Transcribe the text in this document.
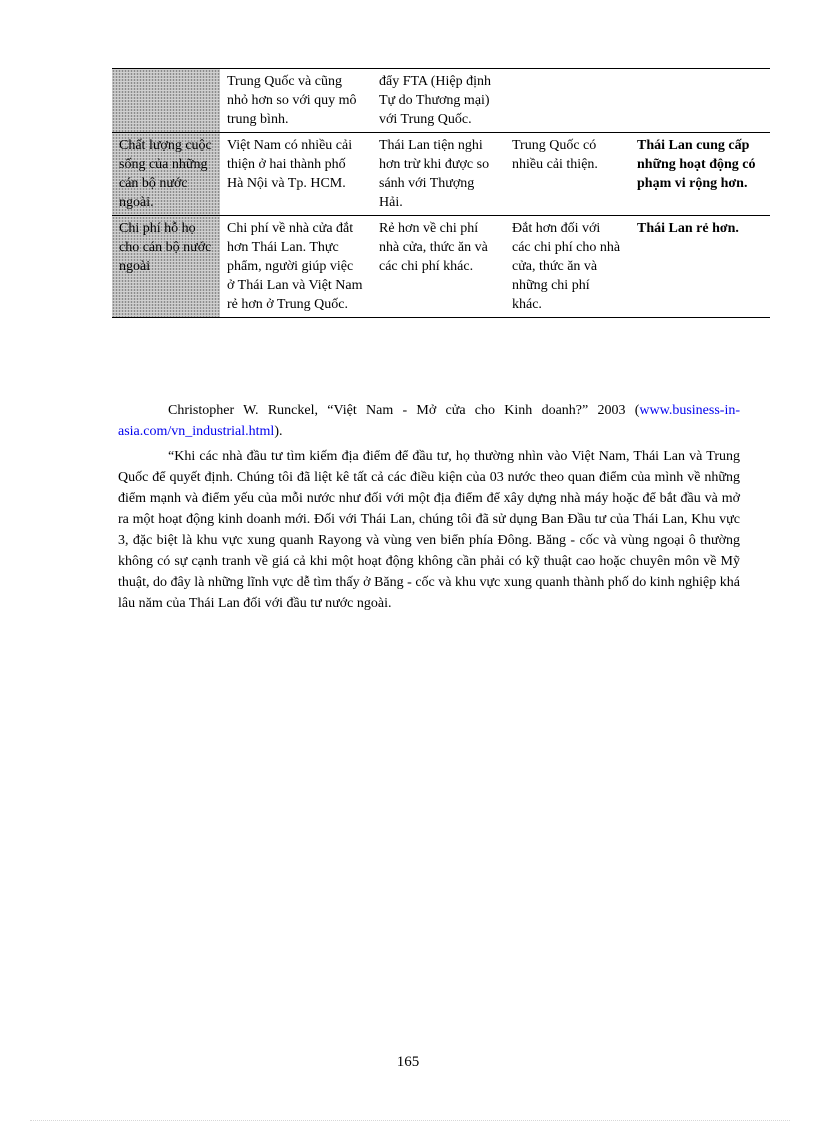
	Trung Quốc và cũng nhỏ hơn so với quy mô trung bình.	đẩy FTA (Hiệp định Tự do Thương mại) với Trung Quốc.		
Chất lượng cuộc sống của những cán bộ nước ngoài.	Việt Nam có nhiều cải thiện ở hai thành phố Hà Nội và Tp. HCM.	Thái Lan tiện nghi hơn trừ khi được so sánh với Thượng Hải.	Trung Quốc có nhiều cải thiện.	Thái Lan cung cấp những hoạt động có phạm vi rộng hơn.
Chi phí hỗ họ cho cán bộ nước ngoài	Chi phí về nhà cửa đắt hơn Thái Lan. Thực phẩm, người giúp việc ở Thái Lan và Việt Nam rẻ hơn ở Trung Quốc.	Rẻ hơn về chi phí nhà cửa, thức ăn và các chi phí khác.	Đắt hơn đối với các chi phí cho nhà cửa, thức ăn và những chi phí khác.	Thái Lan rẻ hơn.

Christopher W. Runckel, “Việt Nam - Mở cửa cho Kinh doanh?” 2003 (www.business-in-asia.com/vn_industrial.html).

“Khi các nhà đầu tư tìm kiếm địa điểm để đầu tư, họ thường nhìn vào Việt Nam, Thái Lan và Trung Quốc để quyết định. Chúng tôi đã liệt kê tất cả các điều kiện của 03 nước theo quan điểm của mình về những điểm mạnh và điểm yếu của mỗi nước như đối với một địa điểm để xây dựng nhà máy hoặc để bắt đầu và mở ra một hoạt động kinh doanh mới. Đối với Thái Lan, chúng tôi đã sử dụng Ban Đầu tư của Thái Lan, Khu vực 3, đặc biệt là khu vực xung quanh Rayong và vùng ven biển phía Đông. Băng - cốc và vùng ngoại ô thường không có sự cạnh tranh về giá cả khi một hoạt động không cần phải có kỹ thuật cao hoặc chuyên môn về Mỹ thuật, do đây là những lĩnh vực dễ tìm thấy ở Băng - cốc và khu vực xung quanh thành phố do kinh nghiệp khá lâu năm của Thái Lan đối với đầu tư nước ngoài.

165
